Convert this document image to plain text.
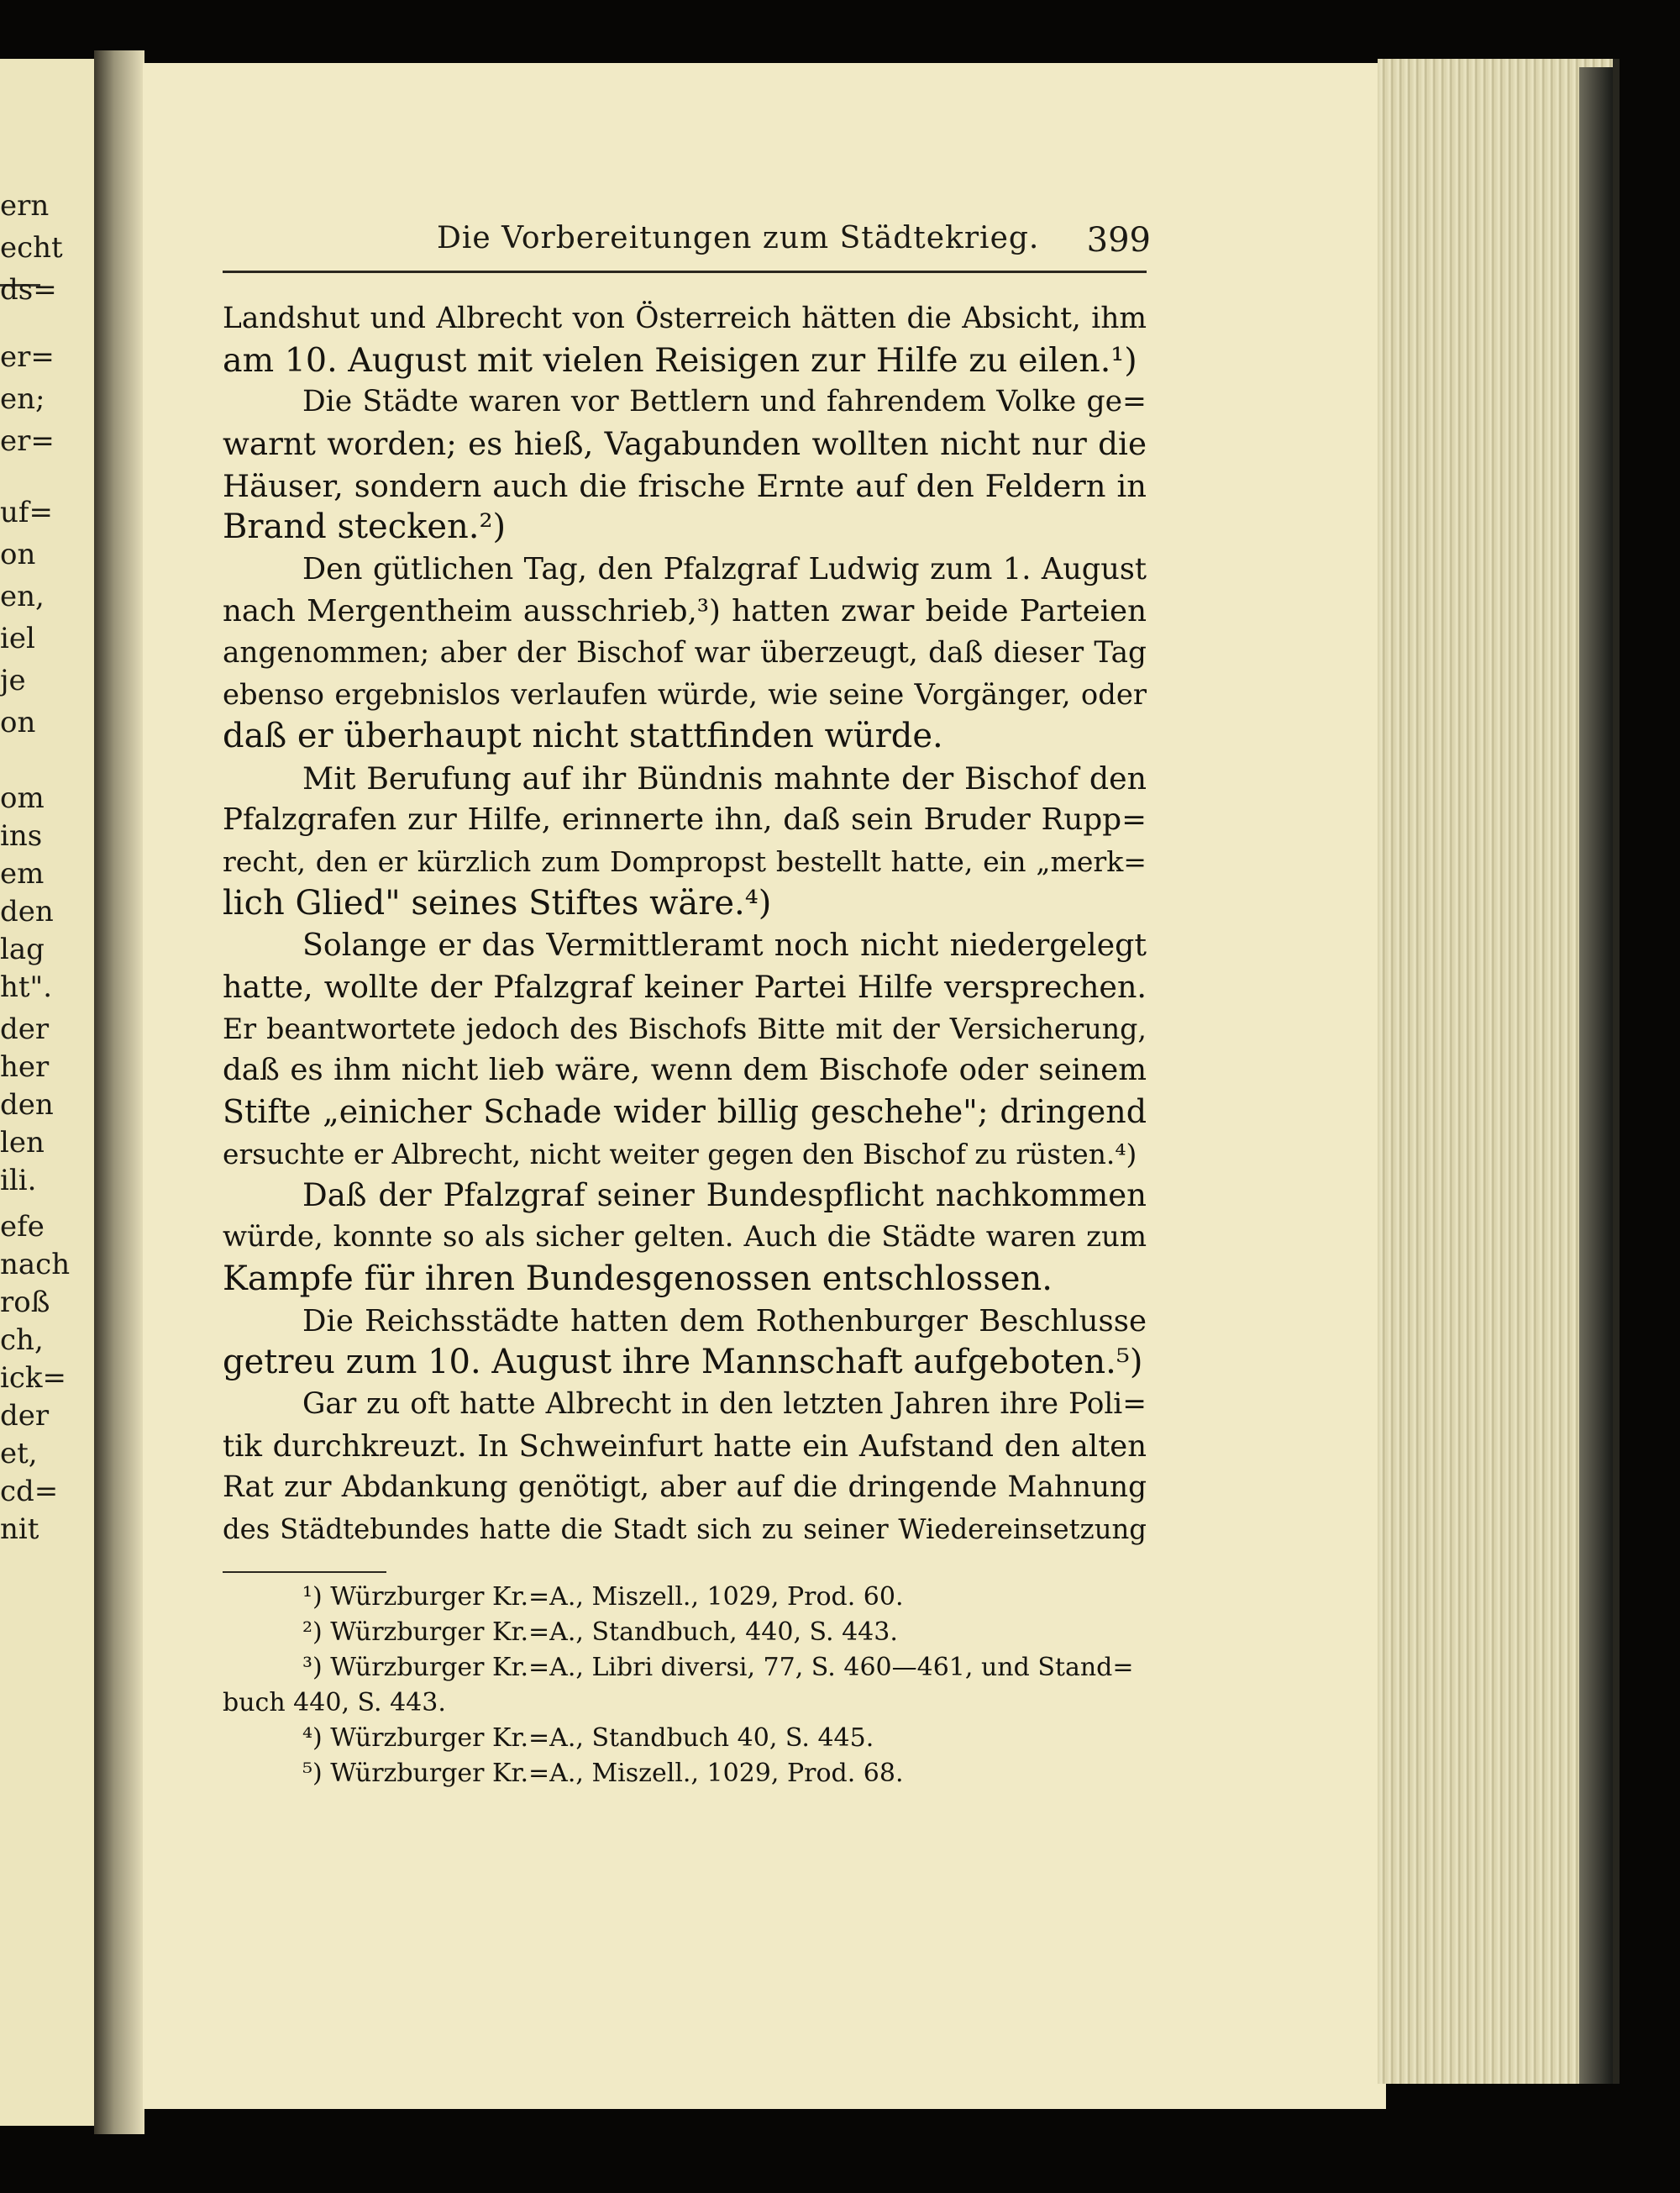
ern

echt

ds=

er=

en;

er=

uf=

on

en,

iel

je

on

om

ins

em

den

lag

ht".

der

her

den

len

ili.

efe

nach

roß

ch,

ick=

der

et,

cd=

nit

Die Vorbereitungen zum Städtekrieg. 399

Landshut und Albrecht von Österreich hätten die Absicht, ihm

am 10. August mit vielen Reisigen zur Hilfe zu eilen.¹)

Die Städte waren vor Bettlern und fahrendem Volke ge=

warnt worden; es hieß, Vagabunden wollten nicht nur die

Häuser, sondern auch die frische Ernte auf den Feldern in

Brand stecken.²)

Den gütlichen Tag, den Pfalzgraf Ludwig zum 1. August

nach Mergentheim ausschrieb,³) hatten zwar beide Parteien

angenommen; aber der Bischof war überzeugt, daß dieser Tag

ebenso ergebnislos verlaufen würde, wie seine Vorgänger, oder

daß er überhaupt nicht stattfinden würde.

Mit Berufung auf ihr Bündnis mahnte der Bischof den

Pfalzgrafen zur Hilfe, erinnerte ihn, daß sein Bruder Rupp=

recht, den er kürzlich zum Dompropst bestellt hatte, ein „merk=

lich Glied" seines Stiftes wäre.⁴)

Solange er das Vermittleramt noch nicht niedergelegt

hatte, wollte der Pfalzgraf keiner Partei Hilfe versprechen.

Er beantwortete jedoch des Bischofs Bitte mit der Versicherung,

daß es ihm nicht lieb wäre, wenn dem Bischofe oder seinem

Stifte „einicher Schade wider billig geschehe"; dringend

ersuchte er Albrecht, nicht weiter gegen den Bischof zu rüsten.⁴)

Daß der Pfalzgraf seiner Bundespflicht nachkommen

würde, konnte so als sicher gelten. Auch die Städte waren zum

Kampfe für ihren Bundesgenossen entschlossen.

Die Reichsstädte hatten dem Rothenburger Beschlusse

getreu zum 10. August ihre Mannschaft aufgeboten.⁵)

Gar zu oft hatte Albrecht in den letzten Jahren ihre Poli=

tik durchkreuzt. In Schweinfurt hatte ein Aufstand den alten

Rat zur Abdankung genötigt, aber auf die dringende Mahnung

des Städtebundes hatte die Stadt sich zu seiner Wiedereinsetzung

¹) Würzburger Kr.=A., Miszell., 1029, Prod. 60.

²) Würzburger Kr.=A., Standbuch, 440, S. 443.

³) Würzburger Kr.=A., Libri diversi, 77, S. 460—461, und Stand=

buch 440, S. 443.

⁴) Würzburger Kr.=A., Standbuch 40, S. 445.

⁵) Würzburger Kr.=A., Miszell., 1029, Prod. 68.
